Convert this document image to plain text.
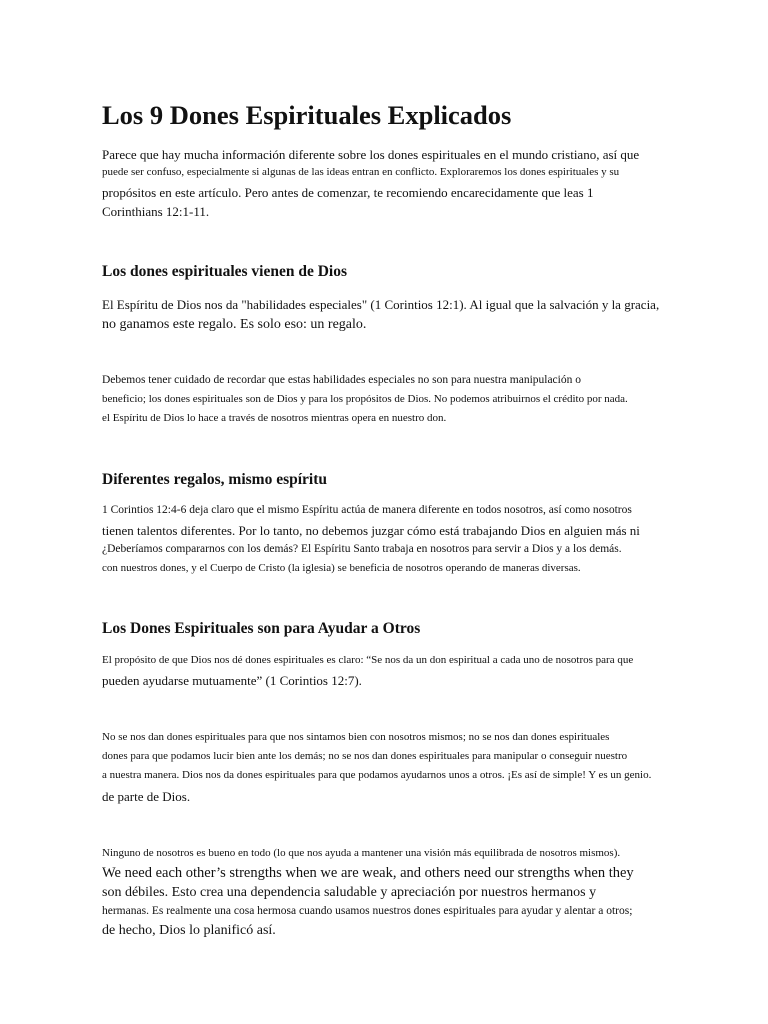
Los 9 Dones Espirituales Explicados

Parece que hay mucha información diferente sobre los dones espirituales en el mundo cristiano, así que

puede ser confuso, especialmente si algunas de las ideas entran en conflicto. Exploraremos los dones espirituales y su

propósitos en este artículo. Pero antes de comenzar, te recomiendo encarecidamente que leas 1

Corinthians 12:1-11.

Los dones espirituales vienen de Dios

El Espíritu de Dios nos da "habilidades especiales" (1 Corintios 12:1). Al igual que la salvación y la gracia,

no ganamos este regalo. Es solo eso: un regalo.

Debemos tener cuidado de recordar que estas habilidades especiales no son para nuestra manipulación o

beneficio; los dones espirituales son de Dios y para los propósitos de Dios. No podemos atribuirnos el crédito por nada.

el Espíritu de Dios lo hace a través de nosotros mientras opera en nuestro don.

Diferentes regalos, mismo espíritu

1 Corintios 12:4-6 deja claro que el mismo Espíritu actúa de manera diferente en todos nosotros, así como nosotros

tienen talentos diferentes. Por lo tanto, no debemos juzgar cómo está trabajando Dios en alguien más ni

¿Deberíamos compararnos con los demás? El Espíritu Santo trabaja en nosotros para servir a Dios y a los demás.

con nuestros dones, y el Cuerpo de Cristo (la iglesia) se beneficia de nosotros operando de maneras diversas.

Los Dones Espirituales son para Ayudar a Otros

El propósito de que Dios nos dé dones espirituales es claro: “Se nos da un don espiritual a cada uno de nosotros para que

pueden ayudarse mutuamente” (1 Corintios 12:7).

No se nos dan dones espirituales para que nos sintamos bien con nosotros mismos; no se nos dan dones espirituales

dones para que podamos lucir bien ante los demás; no se nos dan dones espirituales para manipular o conseguir nuestro

a nuestra manera. Dios nos da dones espirituales para que podamos ayudarnos unos a otros. ¡Es así de simple! Y es un genio.

de parte de Dios.

Ninguno de nosotros es bueno en todo (lo que nos ayuda a mantener una visión más equilibrada de nosotros mismos).

We need each other’s strengths when we are weak, and others need our strengths when they

son débiles. Esto crea una dependencia saludable y apreciación por nuestros hermanos y

hermanas. Es realmente una cosa hermosa cuando usamos nuestros dones espirituales para ayudar y alentar a otros;

de hecho, Dios lo planificó así.
